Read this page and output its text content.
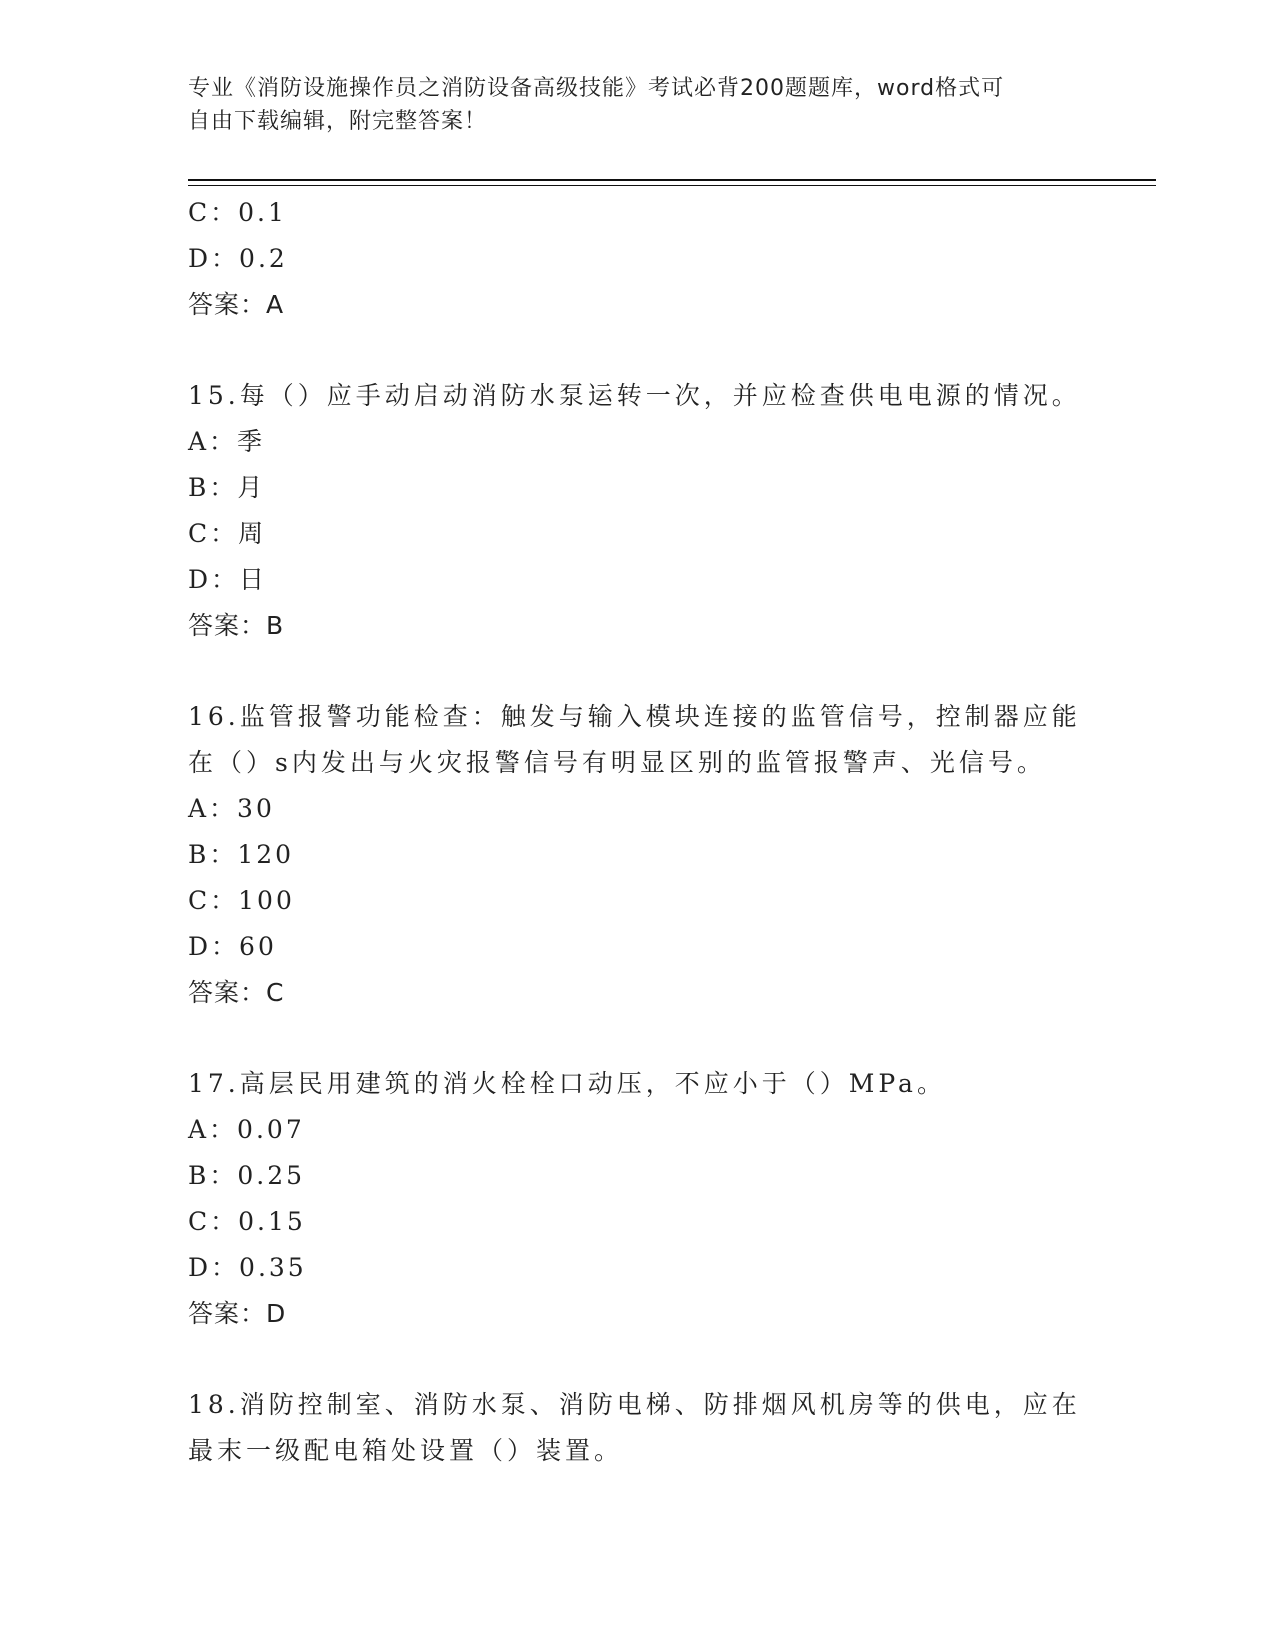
专业《消防设施操作员之消防设备高级技能》考试必背200题题库，word格式可
自由下载编辑，附完整答案！
C：0.1
D：0.2
答案：A
15.每（）应手动启动消防水泵运转一次，并应检查供电电源的情况。
A：季
B：月
C：周
D：日
答案：B
16.监管报警功能检查：触发与输入模块连接的监管信号，控制器应能
在（）s内发出与火灾报警信号有明显区别的监管报警声、光信号。
A：30
B：120
C：100
D：60
答案：C
17.高层民用建筑的消火栓栓口动压，不应小于（）MPa。
A：0.07
B：0.25
C：0.15
D：0.35
答案：D
18.消防控制室、消防水泵、消防电梯、防排烟风机房等的供电，应在
最末一级配电箱处设置（）装置。
